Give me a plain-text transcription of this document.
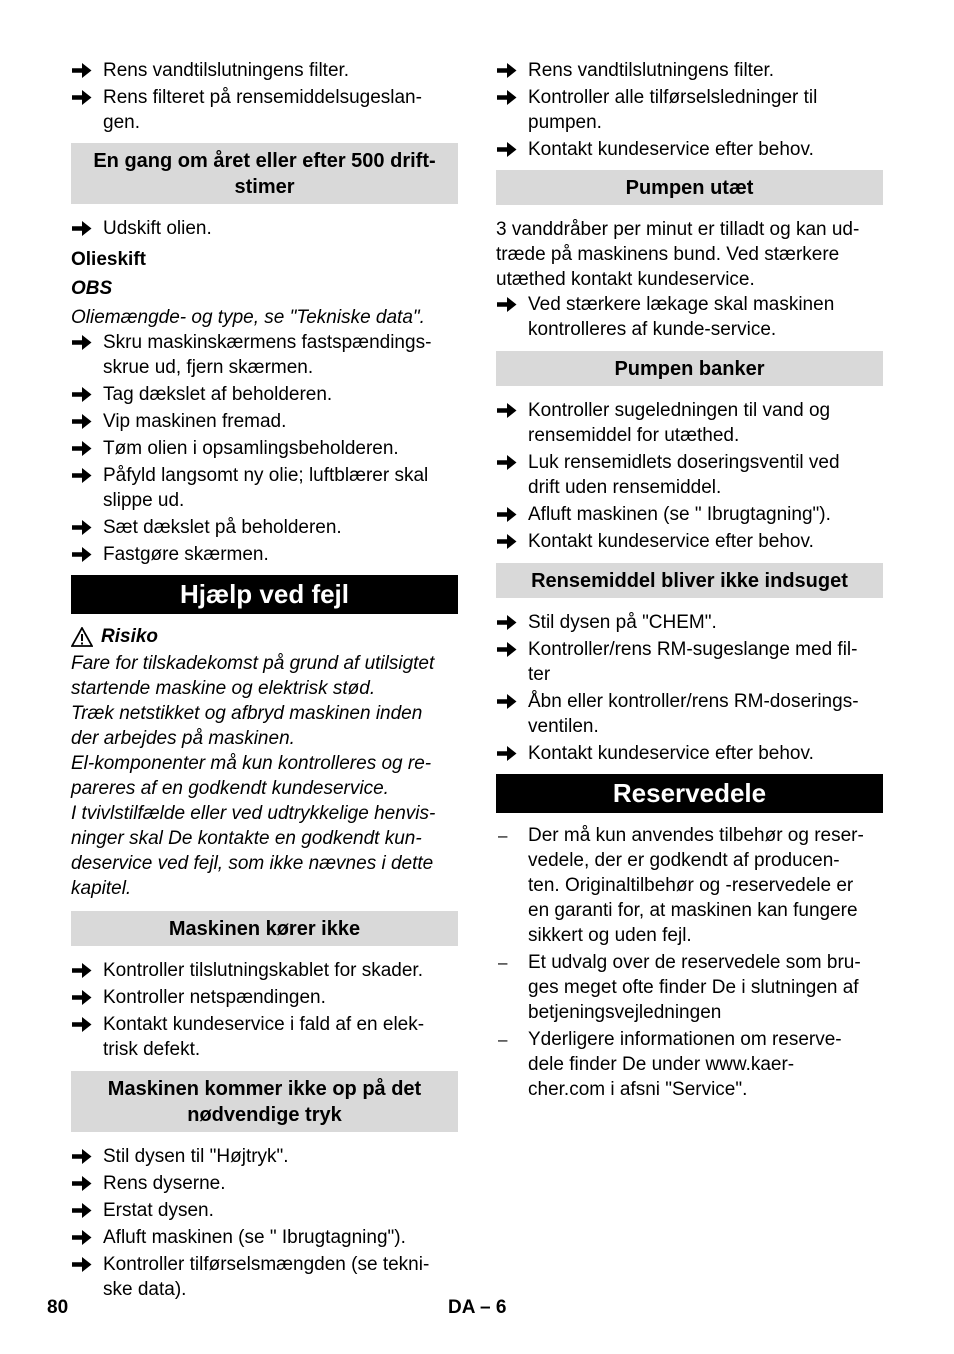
Rens vandtilslutningens filter.
Rens filteret på rensemiddelsugeslan-
gen.
En gang om året eller efter 500 drift-
stimer
Udskift olien.
Olieskift
OBS
Oliemængde- og type, se "Tekniske data".
Skru maskinskærmens fastspændings-
skrue ud, fjern skærmen.
Tag dækslet af beholderen.
Vip maskinen fremad.
Tøm olien i opsamlingsbeholderen.
Påfyld langsomt ny olie; luftblærer skal
slippe ud.
Sæt dækslet på beholderen.
Fastgøre skærmen.
Hjælp ved fejl
Risiko
Fare for tilskadekomst på grund af utilsigtet
startende maskine og elektrisk stød.
Træk netstikket og afbryd maskinen inden
der arbejdes på maskinen.
El-komponenter må kun kontrolleres og re-
pareres af en godkendt kundeservice.
I tvivlstilfælde eller ved udtrykkelige henvis-
ninger skal De kontakte en godkendt kun-
deservice ved fejl, som ikke nævnes i dette
kapitel.
Maskinen kører ikke
Kontroller tilslutningskablet for skader.
Kontroller netspændingen.
Kontakt kundeservice i fald af en elek-
trisk defekt.
Maskinen kommer ikke op på det
nødvendige tryk
Stil dysen til "Højtryk".
Rens dyserne.
Erstat dysen.
Afluft maskinen (se " Ibrugtagning").
Kontroller tilførselsmængden (se tekni-
ske data).
Rens vandtilslutningens filter.
Kontroller alle tilførselsledninger til
pumpen.
Kontakt kundeservice efter behov.
Pumpen utæt
3 vanddråber per minut er tilladt og kan ud-
træde på maskinens bund. Ved stærkere
utæthed kontakt kundeservice.
Ved stærkere lækage skal maskinen
kontrolleres af kunde-service.
Pumpen banker
Kontroller sugeledningen til vand og
rensemiddel for utæthed.
Luk rensemidlets doseringsventil ved
drift uden rensemiddel.
Afluft maskinen (se " Ibrugtagning").
Kontakt kundeservice efter behov.
Rensemiddel bliver ikke indsuget
Stil dysen på "CHEM".
Kontroller/rens RM-sugeslange med fil-
ter
Åbn eller kontroller/rens RM-doserings-
ventilen.
Kontakt kundeservice efter behov.
Reservedele
– Der må kun anvendes tilbehør og reser-
vedele, der er godkendt af producen-
ten. Originaltilbehør og -reservedele er
en garanti for, at maskinen kan fungere
sikkert og uden fejl.
– Et udvalg over de reservedele som bru-
ges meget ofte finder De i slutningen af
betjeningsvejledningen
– Yderligere informationen om reserve-
dele finder De under www.kaer-
cher.com i afsni "Service".
80	DA – 6
